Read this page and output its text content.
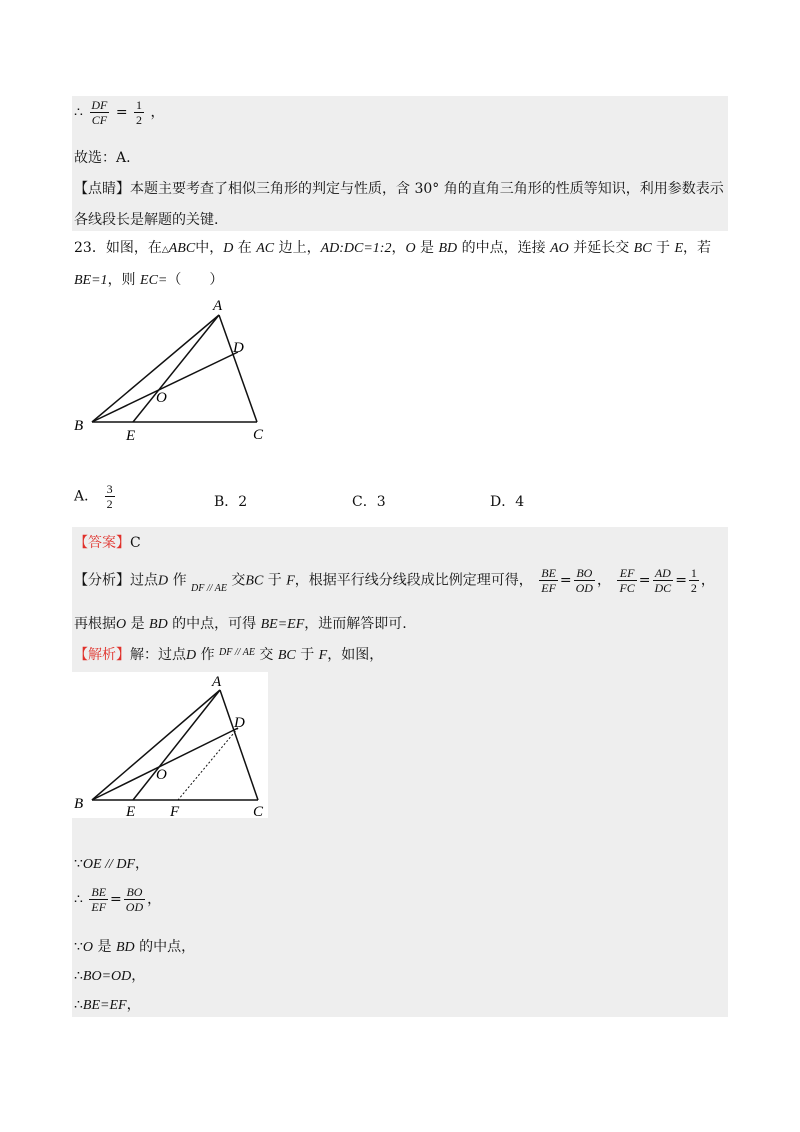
∴ $\frac{DF}{CF} = \frac{1}{2}$ ，
故选：A.
【点睛】本题主要考查了相似三角形的判定与性质，含 30° 角的直角三角形的性质等知识，利用参数表示
各线段长是解题的关键.
23．如图，在△ABC中，D 在 AC 边上，AD:DC=1:2，O 是 BD 的中点，连接 AO 并延长交 BC 于 E，若
BE=1，则 EC=（　　）
A
D
O
B
E	C
A． $\frac{3}{2}$	B．2	C．3	D．4
【答案】C
【分析】过点D 作 $_{DF // AE}$ 交BC 于 F，根据平行线分线段成比例定理可得， $\frac{BE}{EF} = \frac{BO}{OD}$ ， $\frac{EF}{FC} = \frac{AD}{DC} = \frac{1}{2}$ ，
再根据O 是 BD 的中点，可得 BE=EF，进而解答即可.
【解析】解：过点D 作 $^{DF // AE}$ 交 BC 于 F，如图，
A
D
O
B	E F	C
∵OE // DF，
∴ $\frac{BE}{EF} = \frac{BO}{OD}$ ，
∵O 是 BD 的中点，
∴BO=OD，
∴BE=EF，
